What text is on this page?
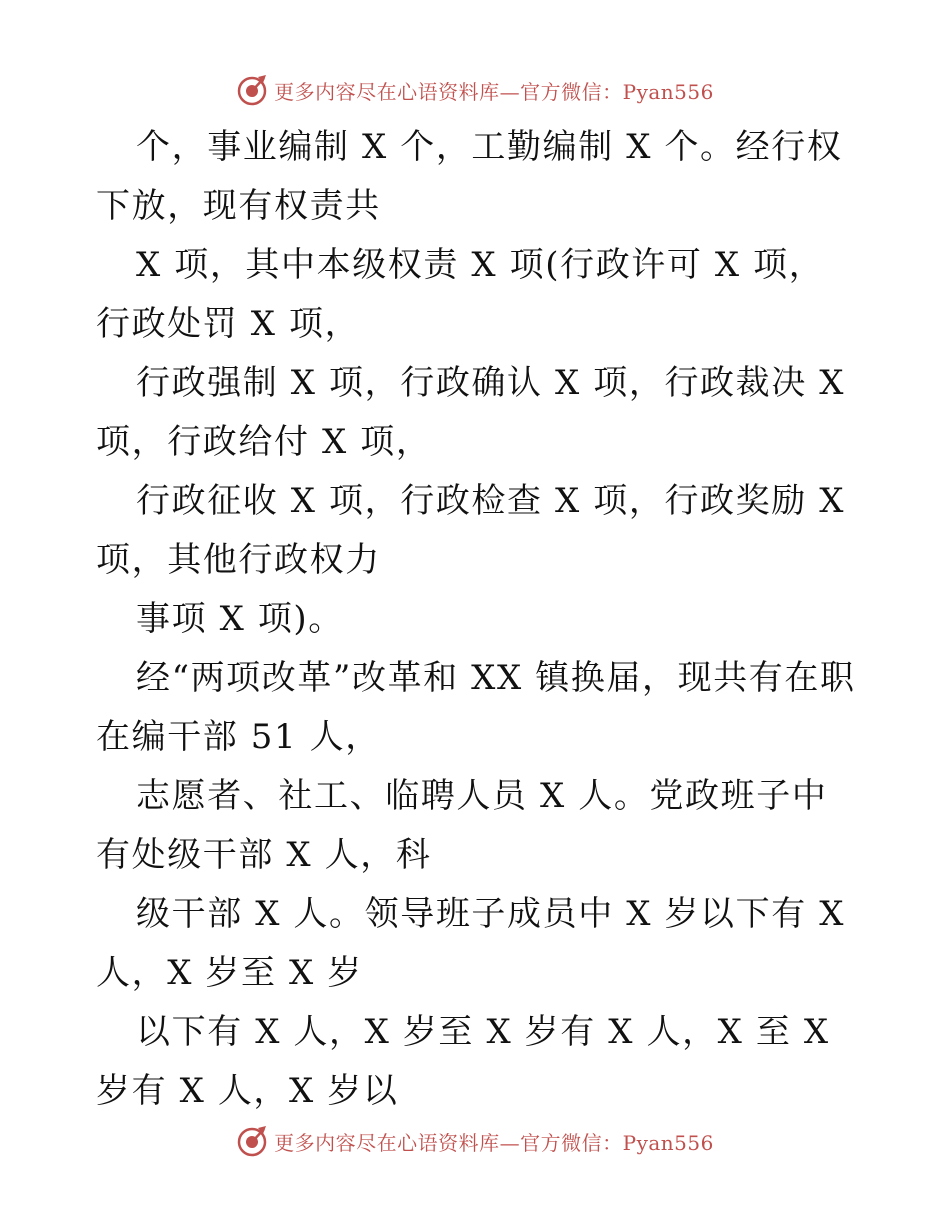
更多内容尽在心语资料库—官方微信：Pyan556

个，事业编制 X 个，工勤编制 X 个。经行权下放，现有权责共

X 项，其中本级权责 X 项(行政许可 X 项，行政处罚 X 项，

行政强制 X 项，行政确认 X 项，行政裁决 X 项，行政给付 X 项，

行政征收 X 项，行政检查 X 项，行政奖励 X 项，其他行政权力

事项 X 项)。

经“两项改革”改革和 XX 镇换届，现共有在职在编干部 51 人，

志愿者、社工、临聘人员 X 人。党政班子中有处级干部 X 人，科

级干部 X 人。领导班子成员中 X 岁以下有 X 人，X 岁至 X 岁

以下有 X 人，X 岁至 X 岁有 X 人，X 至 X 岁有 X 人，X 岁以

更多内容尽在心语资料库—官方微信：Pyan556
